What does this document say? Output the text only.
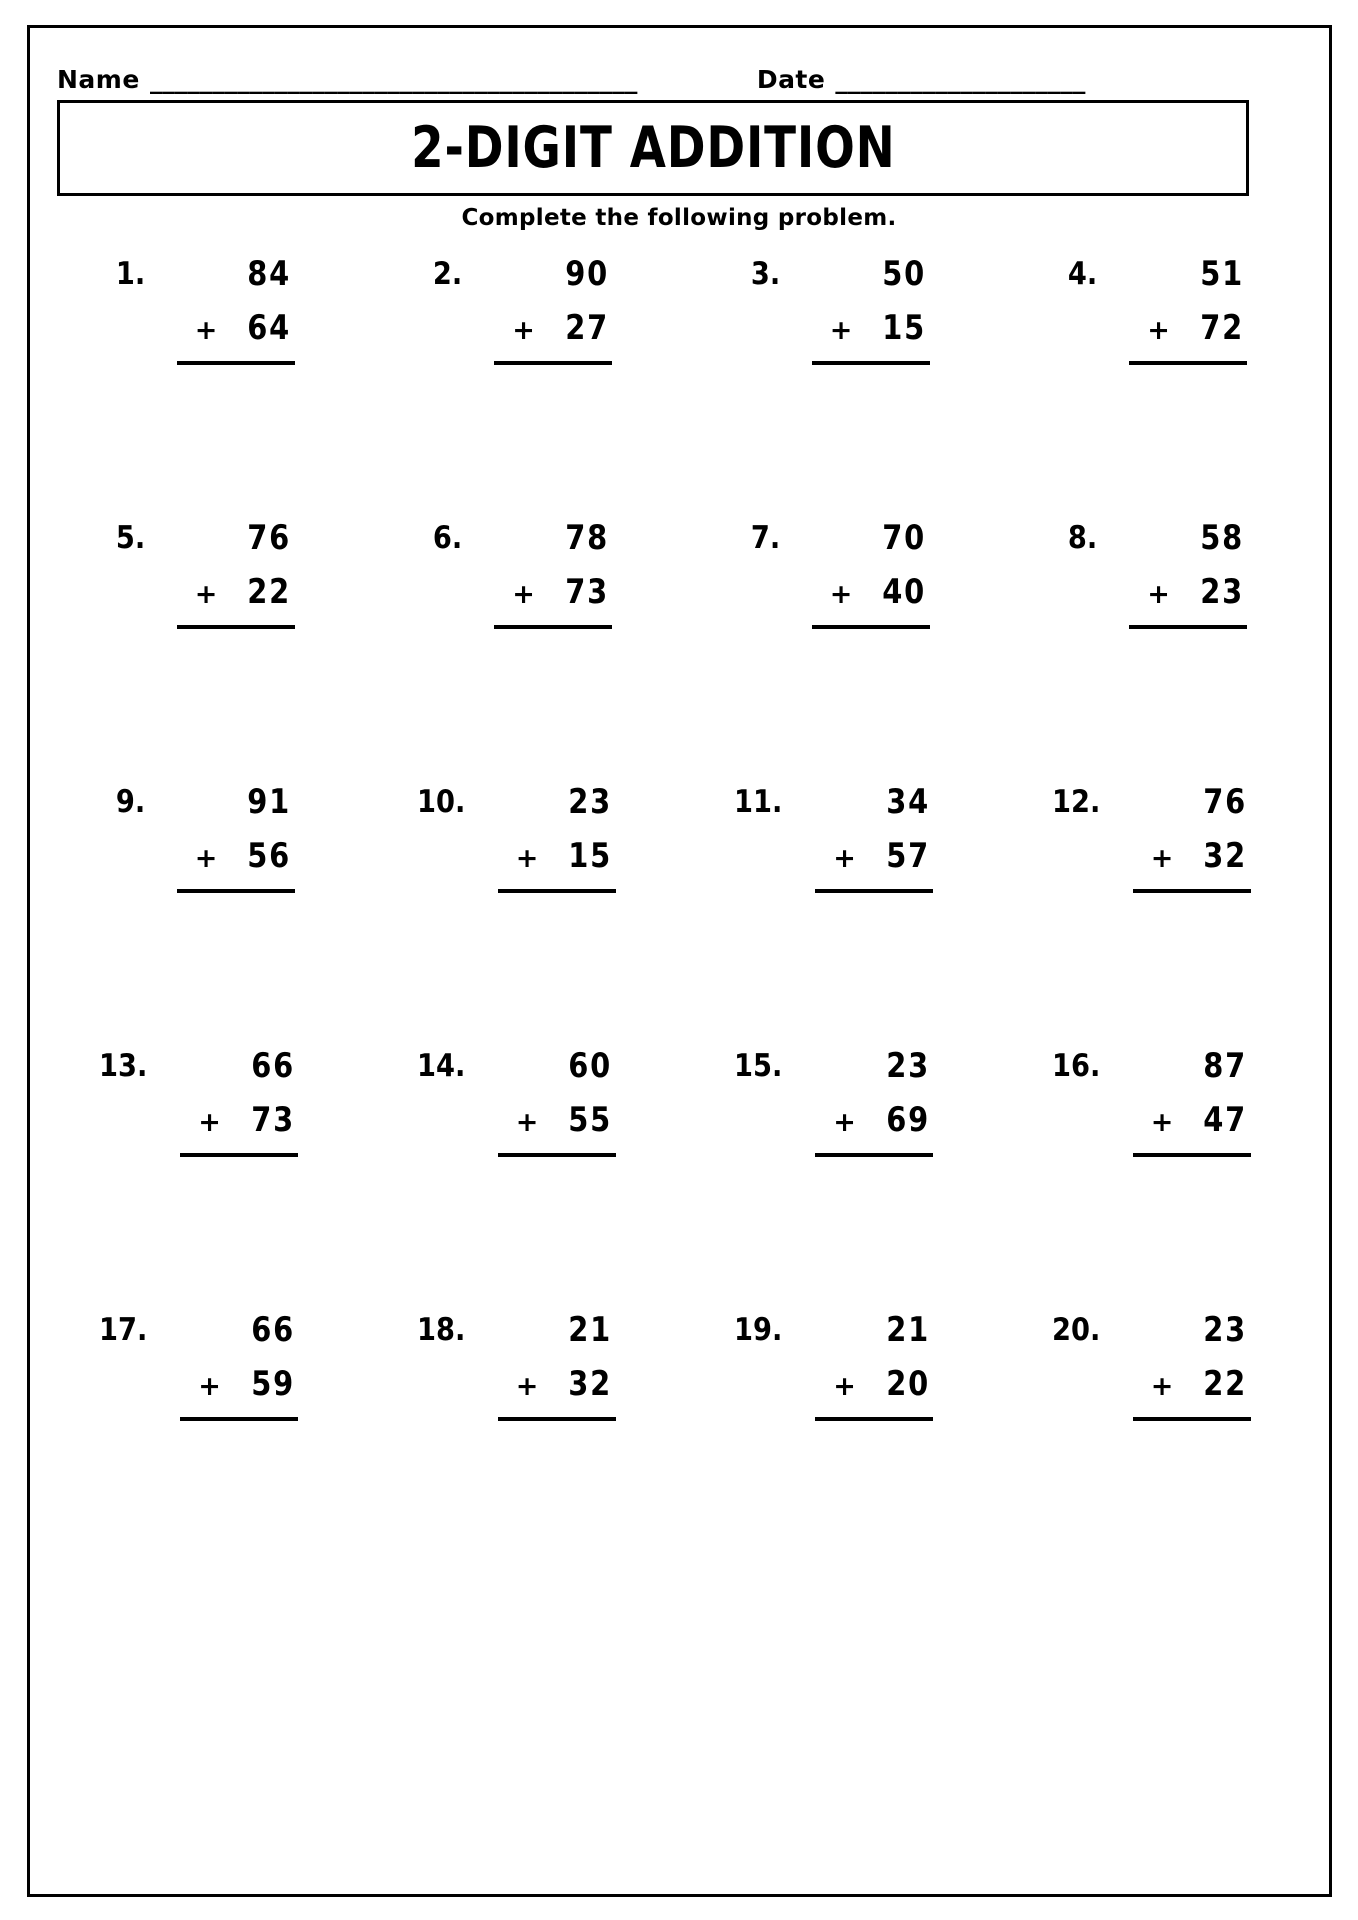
Name _______________________________________	Date ____________________
2-DIGIT ADDITION
Complete the following problem.
1.	84
+ 64
2.	90
+ 27
3.	50
+ 15
4.	51
+ 72
5.	76
+ 22
6.	78
+ 73
7.	70
+ 40
8.	58
+ 23
9.	91
+ 56
10.	23
+ 15
11.	34
+ 57
12.	76
+ 32
13.	66
+ 73
14.	60
+ 55
15.	23
+ 69
16.	87
+ 47
17.	66
+ 59
18.	21
+ 32
19.	21
+ 20
20.	23
+ 22
